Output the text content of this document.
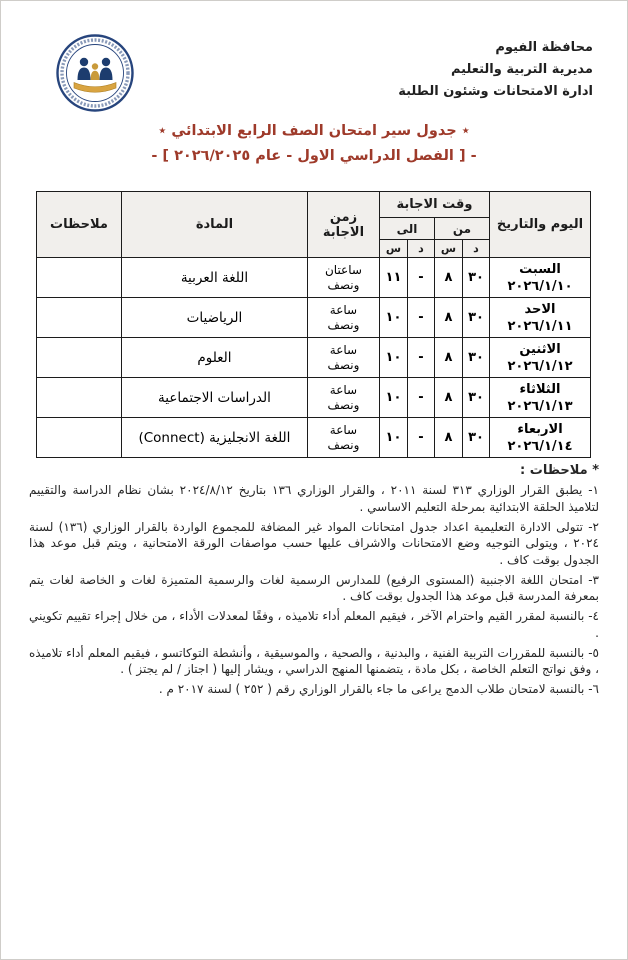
محافظة الفيوم
مديرية التربية والتعليم
ادارة الامتحانات وشئون الطلبة
٭ جدول سير امتحان الصف الرابع الابتدائي ٭
- [ الفصل الدراسي الاول - عام ٢٠٢٦/٢٠٢٥ ] -
اليوم والتاريخ	وقت الاجابة				زمن الاجابة	المادة	ملاحظات
	من		الى				
	د	س	د	س			

السبت
٢٠٢٦/١/١٠	٣٠	٨	-	١١	ساعتان ونصف	اللغة العربية	

الاحد
٢٠٢٦/١/١١	٣٠	٨	-	١٠	ساعة ونصف	الرياضيات	

الاثنين
٢٠٢٦/١/١٢	٣٠	٨	-	١٠	ساعة ونصف	العلوم	

الثلاثاء
٢٠٢٦/١/١٣	٣٠	٨	-	١٠	ساعة ونصف	الدراسات الاجتماعية	

الاربعاء
٢٠٢٦/١/١٤	٣٠	٨	-	١٠	ساعة ونصف	اللغة الانجليزية (Connect)	
* ملاحظات :

١- يطبق القرار الوزاري ٣١٣ لسنة ٢٠١١ ، والقرار الوزاري ١٣٦ بتاريخ ٢٠٢٤/٨/١٢ بشان نظام الدراسة والتقييم لتلاميذ الحلقة الابتدائية بمرحلة التعليم الاساسي .

٢- تتولى الادارة التعليمية اعداد جدول امتحانات المواد غير المضافة للمجموع الواردة بالقرار الوزاري (١٣٦) لسنة ٢٠٢٤ ، ويتولى التوجيه وضع الامتحانات والاشراف عليها حسب مواصفات الورقة الامتحانية ، ويتم قبل موعد هذا الجدول بوقت كاف .

٣- امتحان اللغة الاجنبية (المستوى الرفيع) للمدارس الرسمية لغات والرسمية المتميزة لغات و الخاصة لغات يتم بمعرفة المدرسة قبل موعد هذا الجدول بوقت كاف .

٤- بالنسبة لمقرر القيم واحترام الآخر ، فيقيم المعلم أداء تلاميذه ، وفقًا لمعدلات الأداء ، من خلال إجراء تقييم تكويني .

٥- بالنسبة للمقررات التربية الفنية ، والبدنية ، والصحية ، والموسيقية ، وأنشطة التوكاتسو ، فيقيم المعلم أداء تلاميذه ، وفق نواتج التعلم الخاصة ، بكل مادة ، يتضمنها المنهج الدراسي ، ويشار إليها ( اجتاز / لم يجتز ) .

٦- بالنسبة لامتحان طلاب الدمج يراعى ما جاء بالقرار الوزاري رقم ( ٢٥٢ ) لسنة ٢٠١٧ م .
